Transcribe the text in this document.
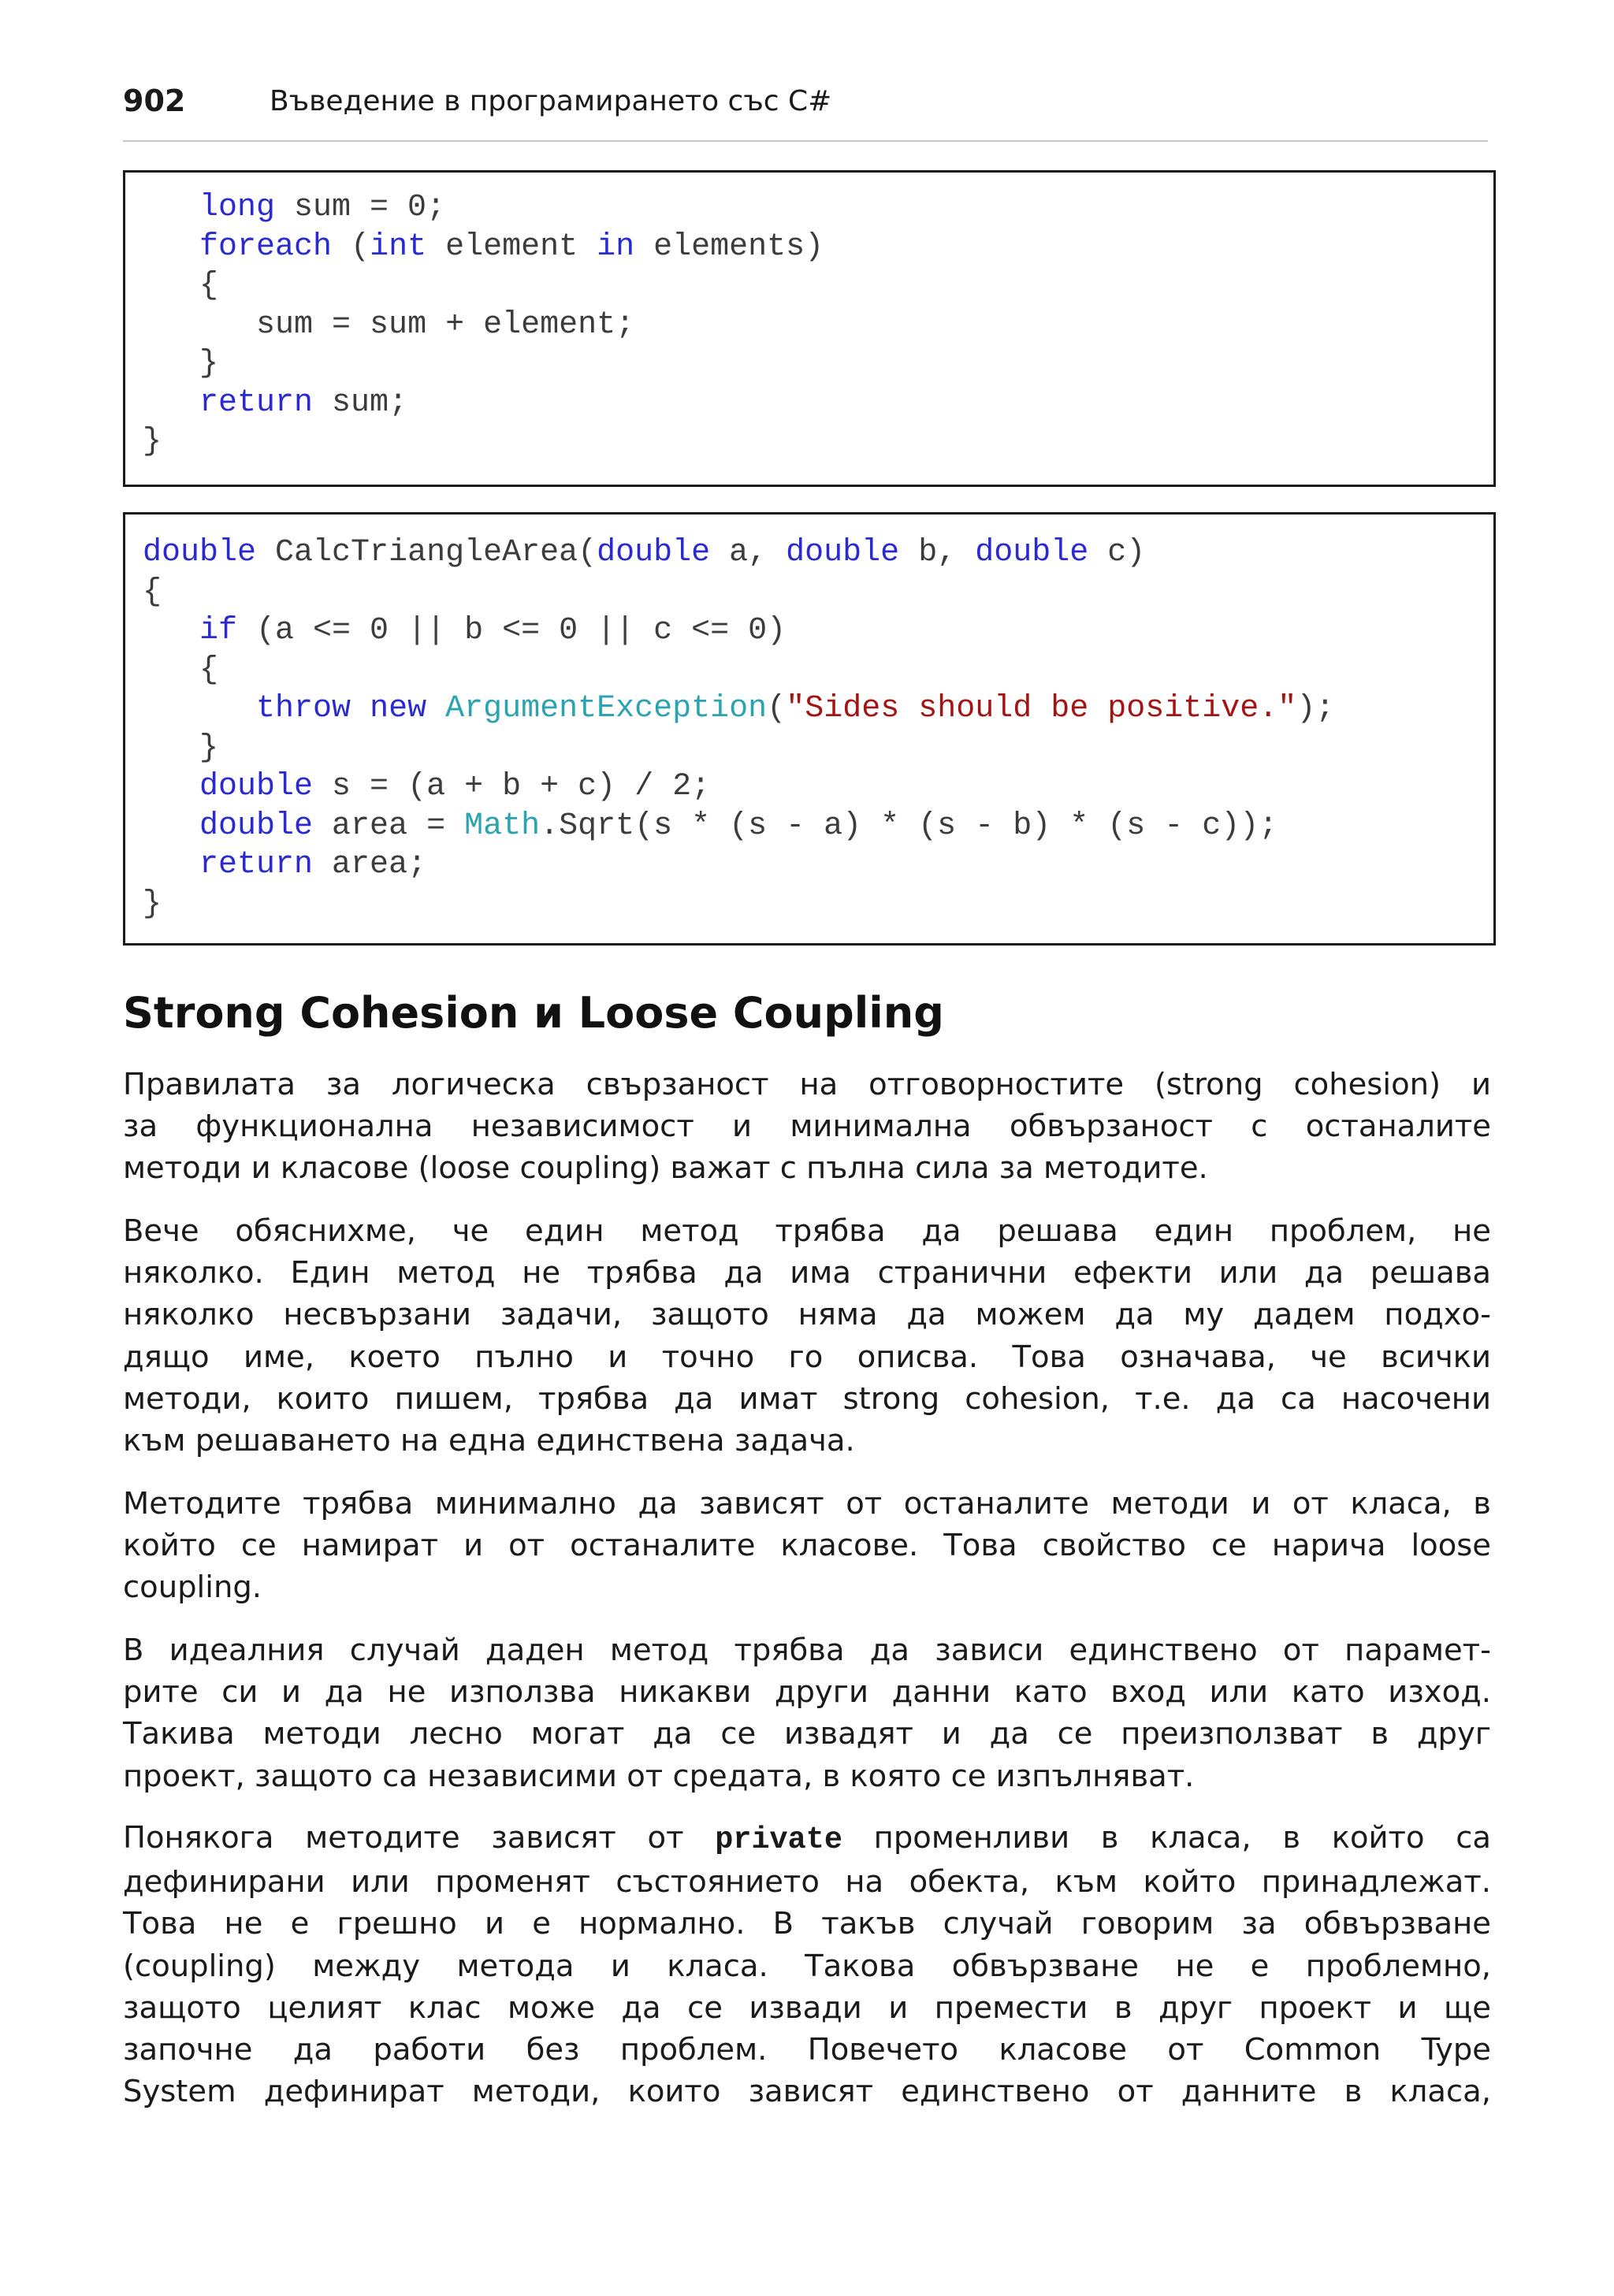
902	Въведение в програмирането със C#
long sum = 0;
foreach (int element in elements)
{
sum = sum + element;
}
return sum;
}
double CalcTriangleArea(double a, double b, double c)
{
if (a <= 0 || b <= 0 || c <= 0)
{
throw new ArgumentException("Sides should be positive.");
}
double s = (a + b + c) / 2;
double area = Math.Sqrt(s * (s - a) * (s - b) * (s - c));
return area;
}
Strong Cohesion и Loose Coupling
Правилата за логическа свързаност на отговорностите (strong cohesion) и
за функционална независимост и минимална обвързаност с останалите
методи и класове (loose coupling) важат с пълна сила за методите.
Вече обяснихме, че един метод трябва да решава един проблем, не
няколко. Един метод не трябва да има странични ефекти или да решава
няколко несвързани задачи, защото няма да можем да му дадем подхо-
дящо име, което пълно и точно го описва. Това означава, че всички
методи, които пишем, трябва да имат strong cohesion, т.е. да са насочени
към решаването на една единствена задача.
Методите трябва минимално да зависят от останалите методи и от класа, в
който се намират и от останалите класове. Това свойство се нарича loose
coupling.
В идеалния случай даден метод трябва да зависи единствено от парамет-
рите си и да не използва никакви други данни като вход или като изход.
Такива методи лесно могат да се извадят и да се преизползват в друг
проект, защото са независими от средата, в която се изпълняват.
Понякога методите зависят от private променливи в класа, в който са
дефинирани или променят състоянието на обекта, към който принадлежат.
Това не е грешно и е нормално. В такъв случай говорим за обвързване
(coupling) между метода и класа. Такова обвързване не е проблемно,
защото целият клас може да се извади и премести в друг проект и ще
започне да работи без проблем. Повечето класове от Common Type
System дефинират методи, които зависят единствено от данните в класа,
